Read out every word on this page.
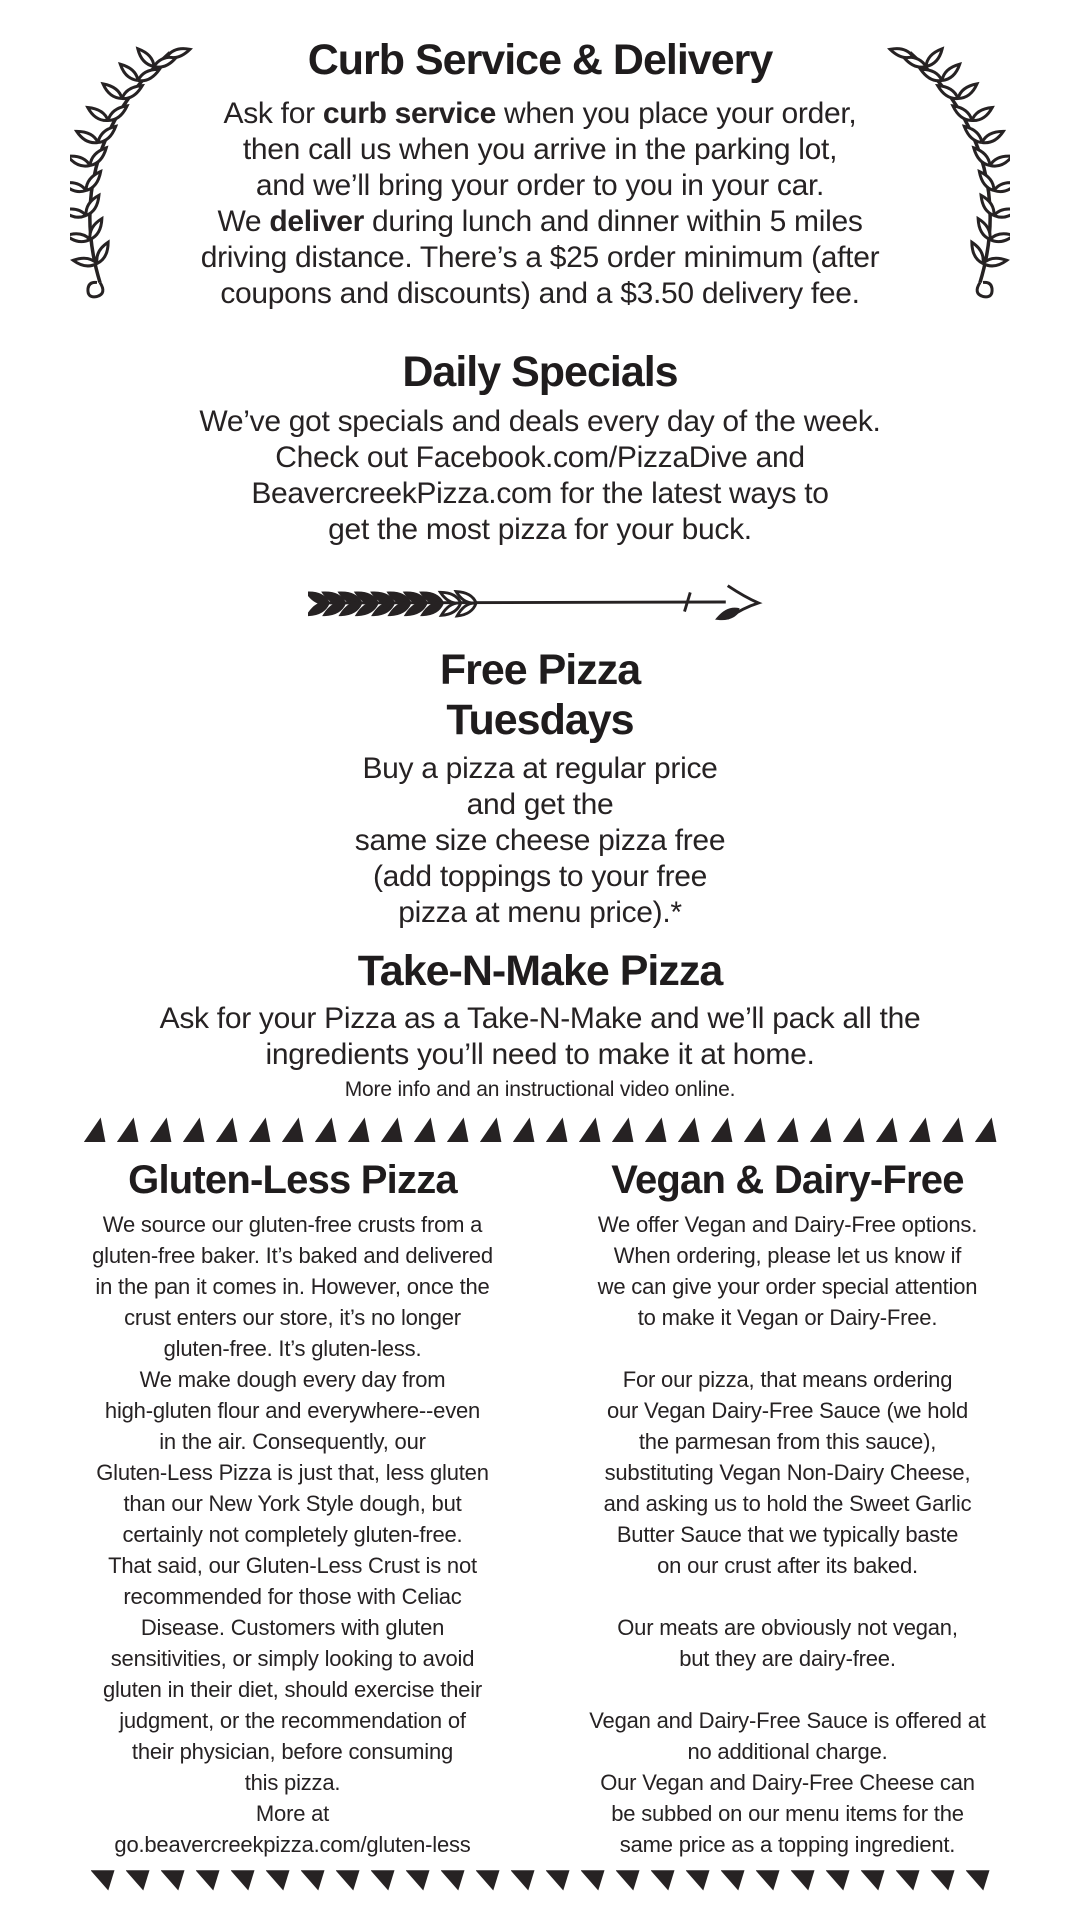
Curb Service & Delivery

Ask for curb service when you place your order,
then call us when you arrive in the parking lot,
and we’ll bring your order to you in your car.
We deliver during lunch and dinner within 5 miles
driving distance. There’s a $25 order minimum (after
coupons and discounts) and a $3.50 delivery fee.

Daily Specials

We’ve got specials and deals every day of the week.
Check out Facebook.com/PizzaDive and
BeavercreekPizza.com for the latest ways to
get the most pizza for your buck.

Free Pizza
Tuesdays

Buy a pizza at regular price
and get the
same size cheese pizza free
(add toppings to your free
pizza at menu price).*

Take-N-Make Pizza

Ask for your Pizza as a Take-N-Make and we’ll pack all the
ingredients you’ll need to make it at home.

More info and an instructional video online.
Gluten-Less Pizza
We source our gluten-free crusts from a
gluten-free baker. It’s baked and delivered
in the pan it comes in. However, once the
crust enters our store, it’s no longer
gluten-free. It’s gluten-less.
We make dough every day from
high-gluten flour and everywhere--even
in the air. Consequently, our
Gluten-Less Pizza is just that, less gluten
than our New York Style dough, but
certainly not completely gluten-free.
That said, our Gluten-Less Crust is not
recommended for those with Celiac
Disease. Customers with gluten
sensitivities, or simply looking to avoid
gluten in their diet, should exercise their
judgment, or the recommendation of
their physician, before consuming
this pizza.
More at
go.beavercreekpizza.com/gluten-less
Vegan & Dairy-Free
We offer Vegan and Dairy-Free options.
When ordering, please let us know if
we can give your order special attention
to make it Vegan or Dairy-Free.
For our pizza, that means ordering
our Vegan Dairy-Free Sauce (we hold
the parmesan from this sauce),
substituting Vegan Non-Dairy Cheese,
and asking us to hold the Sweet Garlic
Butter Sauce that we typically baste
on our crust after its baked.
Our meats are obviously not vegan,
but they are dairy-free.
Vegan and Dairy-Free Sauce is offered at
no additional charge.
Our Vegan and Dairy-Free Cheese can
be subbed on our menu items for the
same price as a topping ingredient.
